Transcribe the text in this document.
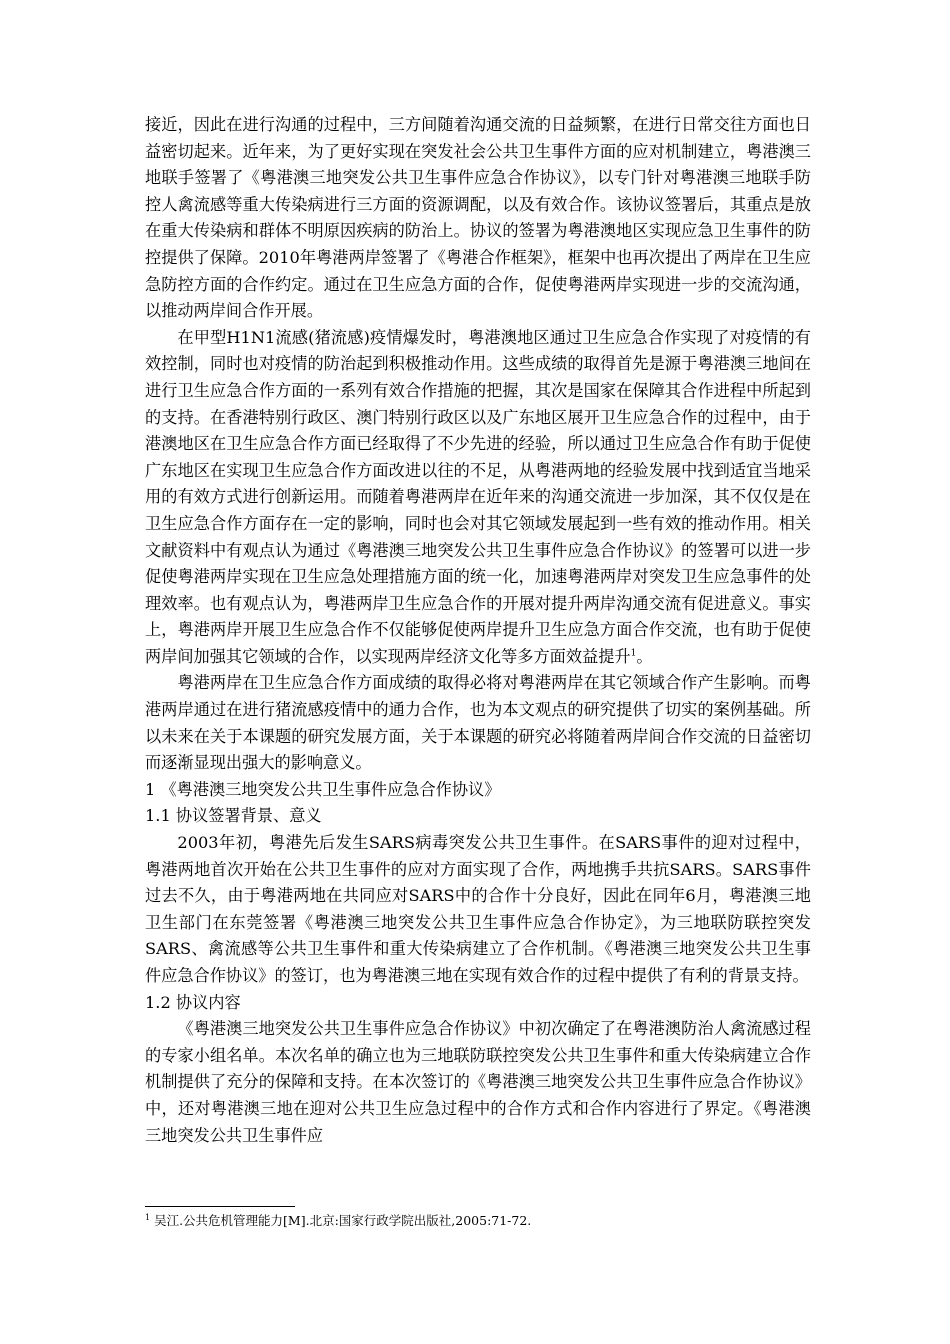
接近，因此在进行沟通的过程中，三方间随着沟通交流的日益频繁，在进行日常交往方面也日益密切起来。近年来，为了更好实现在突发社会公共卫生事件方面的应对机制建立，粤港澳三地联手签署了《粤港澳三地突发公共卫生事件应急合作协议》，以专门针对粤港澳三地联手防控人禽流感等重大传染病进行三方面的资源调配，以及有效合作。该协议签署后，其重点是放在重大传染病和群体不明原因疾病的防治上。协议的签署为粤港澳地区实现应急卫生事件的防控提供了保障。2010年粤港两岸签署了《粤港合作框架》，框架中也再次提出了两岸在卫生应急防控方面的合作约定。通过在卫生应急方面的合作，促使粤港两岸实现进一步的交流沟通，以推动两岸间合作开展。

在甲型H1N1流感(猪流感)疫情爆发时，粤港澳地区通过卫生应急合作实现了对疫情的有效控制，同时也对疫情的防治起到积极推动作用。这些成绩的取得首先是源于粤港澳三地间在进行卫生应急合作方面的一系列有效合作措施的把握，其次是国家在保障其合作进程中所起到的支持。在香港特别行政区、澳门特别行政区以及广东地区展开卫生应急合作的过程中，由于港澳地区在卫生应急合作方面已经取得了不少先进的经验，所以通过卫生应急合作有助于促使广东地区在实现卫生应急合作方面改进以往的不足，从粤港两地的经验发展中找到适宜当地采用的有效方式进行创新运用。而随着粤港两岸在近年来的沟通交流进一步加深，其不仅仅是在卫生应急合作方面存在一定的影响，同时也会对其它领域发展起到一些有效的推动作用。相关文献资料中有观点认为通过《粤港澳三地突发公共卫生事件应急合作协议》的签署可以进一步促使粤港两岸实现在卫生应急处理措施方面的统一化，加速粤港两岸对突发卫生应急事件的处理效率。也有观点认为，粤港两岸卫生应急合作的开展对提升两岸沟通交流有促进意义。事实上，粤港两岸开展卫生应急合作不仅能够促使两岸提升卫生应急方面合作交流，也有助于促使两岸间加强其它领域的合作，以实现两岸经济文化等多方面效益提升$^1$。

粤港两岸在卫生应急合作方面成绩的取得必将对粤港两岸在其它领域合作产生影响。而粤港两岸通过在进行猪流感疫情中的通力合作，也为本文观点的研究提供了切实的案例基础。所以未来在关于本课题的研究发展方面，关于本课题的研究必将随着两岸间合作交流的日益密切而逐渐显现出强大的影响意义。

1 《粤港澳三地突发公共卫生事件应急合作协议》

1.1 协议签署背景、意义

2003年初，粤港先后发生SARS病毒突发公共卫生事件。在SARS事件的迎对过程中，粤港两地首次开始在公共卫生事件的应对方面实现了合作，两地携手共抗SARS。SARS事件过去不久，由于粤港两地在共同应对SARS中的合作十分良好，因此在同年6月，粤港澳三地卫生部门在东莞签署《粤港澳三地突发公共卫生事件应急合作协定》，为三地联防联控突发SARS、禽流感等公共卫生事件和重大传染病建立了合作机制。《粤港澳三地突发公共卫生事件应急合作协议》的签订，也为粤港澳三地在实现有效合作的过程中提供了有利的背景支持。

1.2 协议内容

《粤港澳三地突发公共卫生事件应急合作协议》中初次确定了在粤港澳防治人禽流感过程的专家小组名单。本次名单的确立也为三地联防联控突发公共卫生事件和重大传染病建立合作机制提供了充分的保障和支持。在本次签订的《粤港澳三地突发公共卫生事件应急合作协议》中，还对粤港澳三地在迎对公共卫生应急过程中的合作方式和合作内容进行了界定。《粤港澳三地突发公共卫生事件应

$^1$ 吴江.公共危机管理能力[M].北京:国家行政学院出版社,2005:71-72.
